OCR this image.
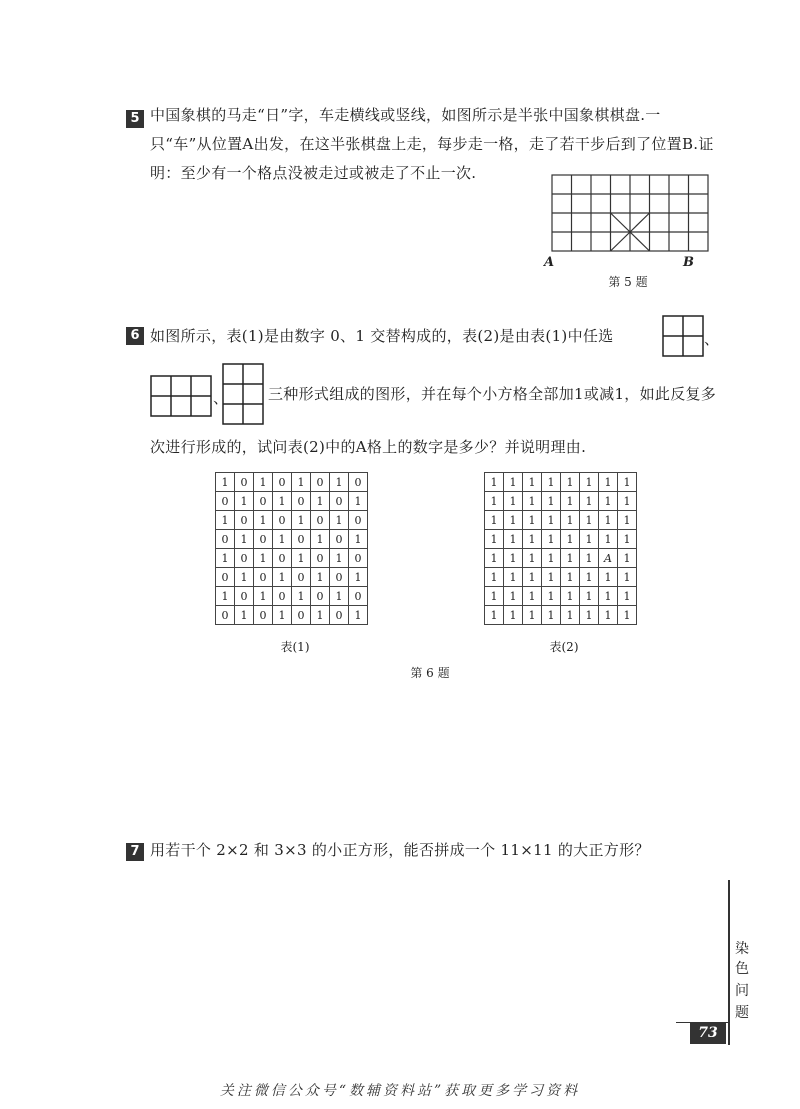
5 中国象棋的马走“日”字，车走横线或竖线，如图所示是半张中国象棋棋盘.一只“车”从位置A出发，在这半张棋盘上走，每步走一格，走了若干步后到了位置B.证明：至少有一个格点没被走过或被走了不止一次.
A	B
第 5 题
6 如图所示，表(1)是由数字 0、1 交替构成的，表(2)是由表(1)中任选	、
、	三种形式组成的图形，并在每个小方格全部加1或减1，如此反复多
次进行形成的，试问表(2)中的A格上的数字是多少？并说明理由.
1	0	1	0	1	0	1	0
0	1	0	1	0	1	0	1
1	0	1	0	1	0	1	0
0	1	0	1	0	1	0	1
1	0	1	0	1	0	1	0
0	1	0	1	0	1	0	1
1	0	1	0	1	0	1	0
0	1	0	1	0	1	0	1
表(1)
1	1	1	1	1	1	1	1
1	1	1	1	1	1	1	1
1	1	1	1	1	1	1	1
1	1	1	1	1	1	1	1
1	1	1	1	1	1	A	1
1	1	1	1	1	1	1	1
1	1	1	1	1	1	1	1
1	1	1	1	1	1	1	1
表(2)
第 6 题
7 用若干个 2×2 和 3×3 的小正方形，能否拼成一个 11×11 的大正方形？
染
色
问
题
73
关注微信公众号“数辅资料站”获取更多学习资料
